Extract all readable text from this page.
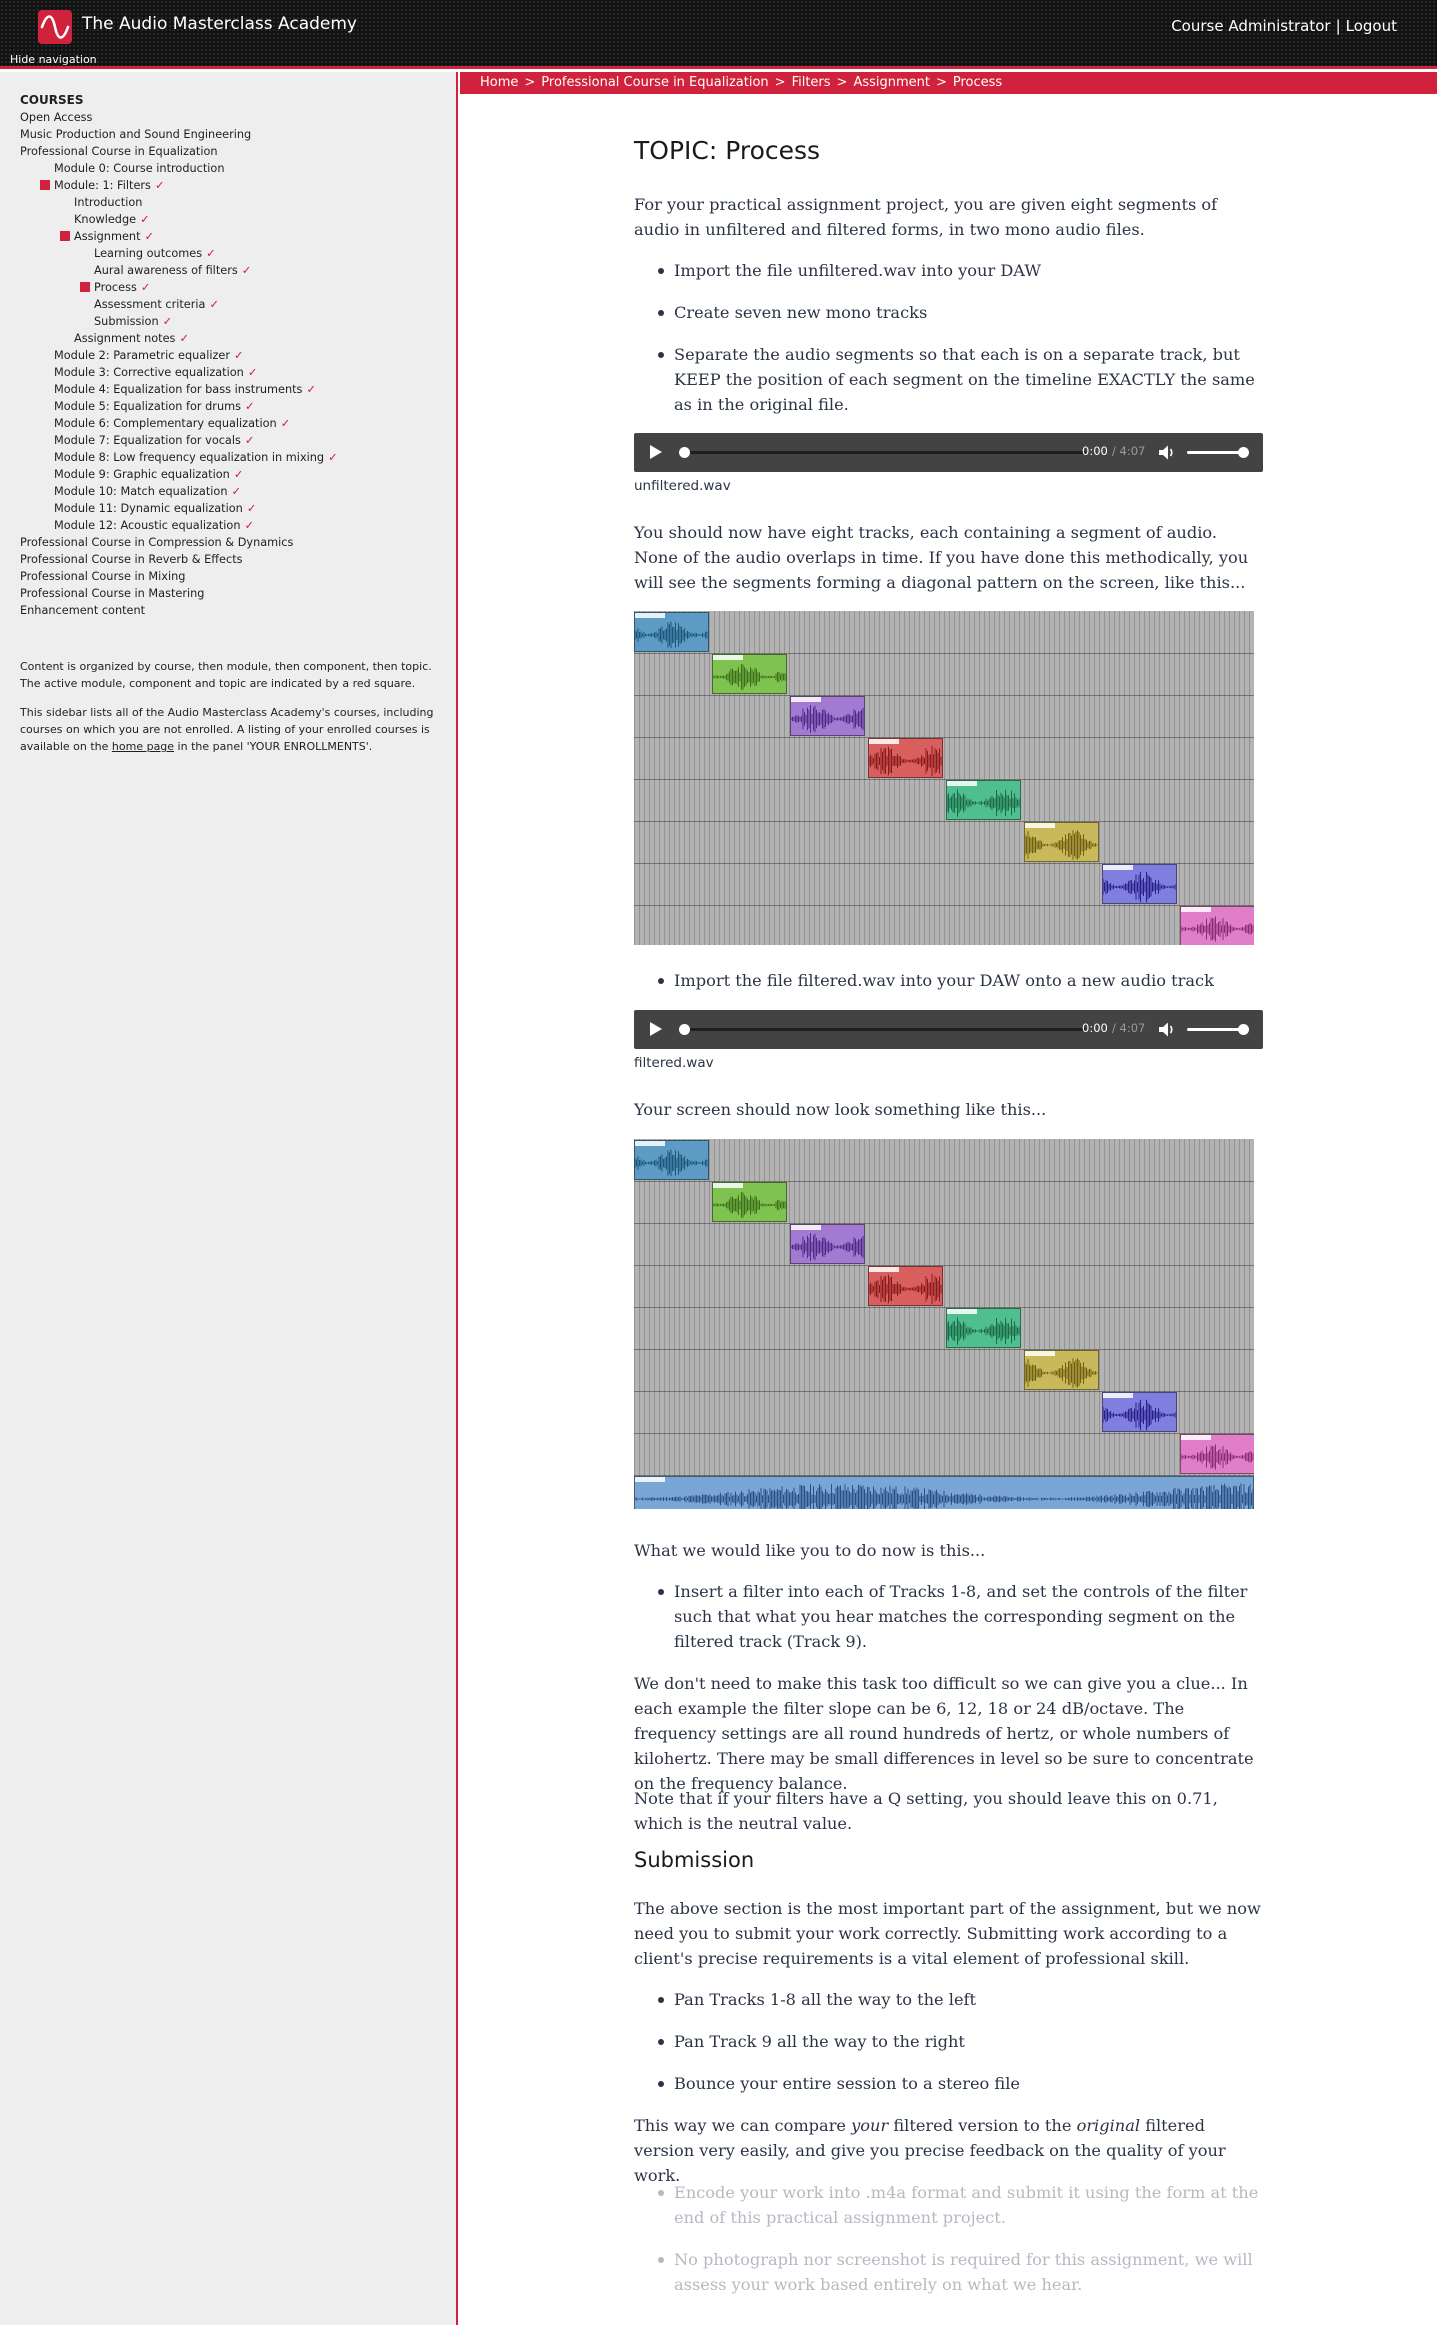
The Audio Masterclass Academy
Hide navigation
Course Administrator | Logout
COURSES
Open Access
Music Production and Sound Engineering
Professional Course in Equalization
Module 0: Course introduction
Module: 1: Filters ✓
Introduction
Knowledge ✓
Assignment ✓
Learning outcomes ✓
Aural awareness of filters ✓
Process ✓
Assessment criteria ✓
Submission ✓
Assignment notes ✓
Module 2: Parametric equalizer ✓
Module 3: Corrective equalization ✓
Module 4: Equalization for bass instruments ✓
Module 5: Equalization for drums ✓
Module 6: Complementary equalization ✓
Module 7: Equalization for vocals ✓
Module 8: Low frequency equalization in mixing ✓
Module 9: Graphic equalization ✓
Module 10: Match equalization ✓
Module 11: Dynamic equalization ✓
Module 12: Acoustic equalization ✓
Professional Course in Compression & Dynamics
Professional Course in Reverb & Effects
Professional Course in Mixing
Professional Course in Mastering
Enhancement content
Content is organized by course, then module, then component, then topic. The active module, component and topic are indicated by a red square.
This sidebar lists all of the Audio Masterclass Academy's courses, including courses on which you are not enrolled. A listing of your enrolled courses is available on the home page in the panel 'YOUR ENROLLMENTS'.
Home > Professional Course in Equalization > Filters > Assignment > Process
TOPIC: Process

For your practical assignment project, you are given eight segments of audio in unfiltered and filtered forms, in two mono audio files.

Import the file unfiltered.wav into your DAW

Create seven new mono tracks

Separate the audio segments so that each is on a separate track, but KEEP the position of each segment on the timeline EXACTLY the same as in the original file.

0:00 / 4:07
unfiltered.wav

You should now have eight tracks, each containing a segment of audio. None of the audio overlaps in time. If you have done this methodically, you will see the segments forming a diagonal pattern on the screen, like this...

Import the file filtered.wav into your DAW onto a new audio track

0:00 / 4:07
filtered.wav

Your screen should now look something like this...

What we would like you to do now is this...

Insert a filter into each of Tracks 1-8, and set the controls of the filter such that what you hear matches the corresponding segment on the filtered track (Track 9).

We don't need to make this task too difficult so we can give you a clue... In each example the filter slope can be 6, 12, 18 or 24 dB/octave. The frequency settings are all round hundreds of hertz, or whole numbers of kilohertz. There may be small differences in level so be sure to concentrate on the frequency balance.

Note that if your filters have a Q setting, you should leave this on 0.71, which is the neutral value.

Submission

The above section is the most important part of the assignment, but we now need you to submit your work correctly. Submitting work according to a client's precise requirements is a vital element of professional skill.

Pan Tracks 1-8 all the way to the left

Pan Track 9 all the way to the right

Bounce your entire session to a stereo file

This way we can compare your filtered version to the original filtered version very easily, and give you precise feedback on the quality of your work.

Encode your work into .m4a format and submit it using the form at the end of this practical assignment project.

No photograph nor screenshot is required for this assignment, we will assess your work based entirely on what we hear.
